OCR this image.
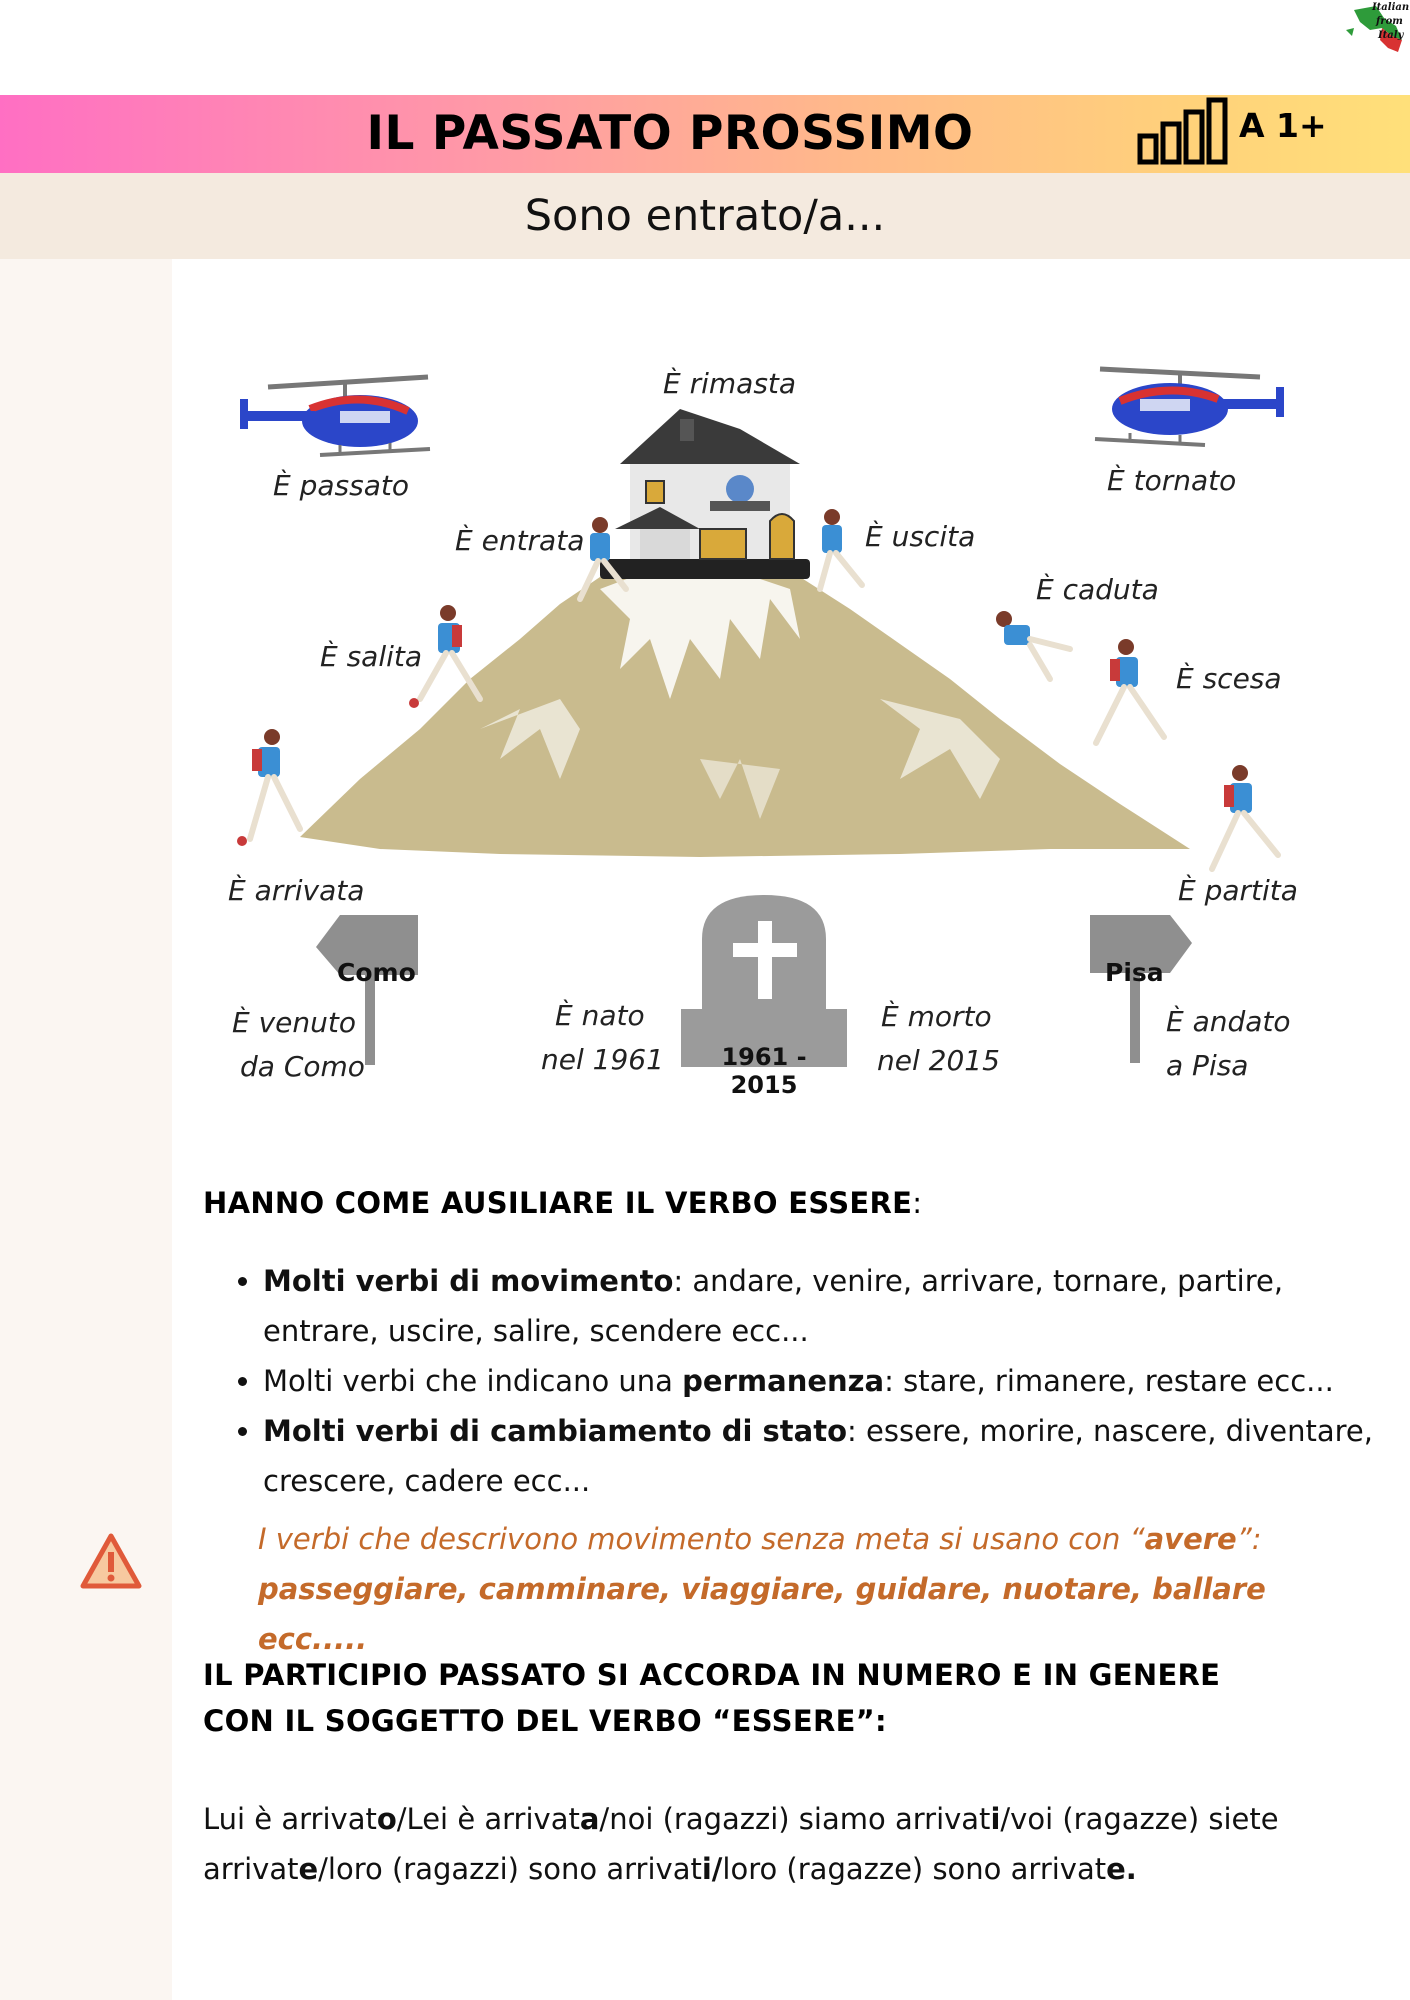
Italian
from
Italy
IL PASSATO PROSSIMO	A 1+
Sono entrato/a...
Como	Pisa
1961 - 2015
È rimasta
È passato	È tornato
È entrata	È uscita
È caduta
È salita
È scesa
È arrivata	È partita
È venuto
da Como
È nato
nel 1961
È morto
nel 2015
È andato
a Pisa
HANNO COME AUSILIARE IL VERBO ESSERE:
• Molti verbi di movimento: andare, venire, arrivare, tornare, partire, entrare, uscire, salire, scendere ecc...
• Molti verbi che indicano una permanenza: stare, rimanere, restare ecc...
• Molti verbi di cambiamento di stato: essere, morire, nascere, diventare, crescere, cadere ecc...
I verbi che descrivono movimento senza meta si usano con “avere”:
passeggiare, camminare, viaggiare, guidare, nuotare, ballare ecc.....
IL PARTICIPIO PASSATO SI ACCORDA IN NUMERO E IN GENERE
CON IL SOGGETTO DEL VERBO “ESSERE”:
Lui è arrivato/Lei è arrivata/noi (ragazzi) siamo arrivati/voi (ragazze) siete arrivate/loro (ragazzi) sono arrivati/loro (ragazze) sono arrivate.
